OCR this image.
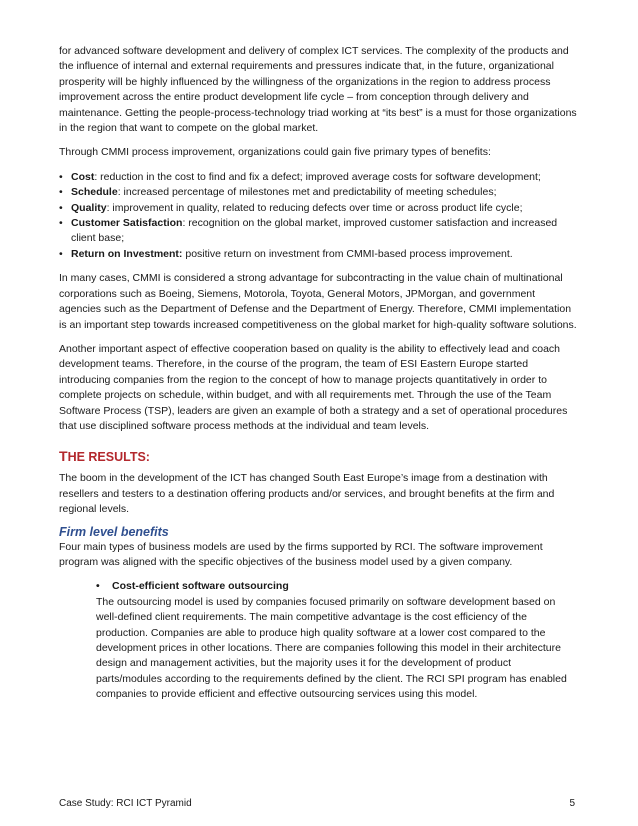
for advanced software development and delivery of complex ICT services. The complexity of the products and the influence of internal and external requirements and pressures indicate that, in the future, organizational prosperity will be highly influenced by the willingness of the organizations in the region to address process improvement across the entire product development life cycle – from conception through delivery and maintenance. Getting the people-process-technology triad working at “its best” is a must for those organizations in the region that want to compete on the global market.

Through CMMI process improvement, organizations could gain five primary types of benefits:

• Cost: reduction in the cost to find and fix a defect; improved average costs for software development;
• Schedule: increased percentage of milestones met and predictability of meeting schedules;
• Quality: improvement in quality, related to reducing defects over time or across product life cycle;
• Customer Satisfaction: recognition on the global market, improved customer satisfaction and increased client base;
• Return on Investment: positive return on investment from CMMI-based process improvement.

In many cases, CMMI is considered a strong advantage for subcontracting in the value chain of multinational corporations such as Boeing, Siemens, Motorola, Toyota, General Motors, JPMorgan, and government agencies such as the Department of Defense and the Department of Energy. Therefore, CMMI implementation is an important step towards increased competitiveness on the global market for high-quality software solutions.

Another important aspect of effective cooperation based on quality is the ability to effectively lead and coach development teams. Therefore, in the course of the program, the team of ESI Eastern Europe started introducing companies from the region to the concept of how to manage projects quantitatively in order to complete projects on schedule, within budget, and with all requirements met. Through the use of the Team Software Process (TSP), leaders are given an example of both a strategy and a set of operational procedures that use disciplined software process methods at the individual and team levels.

THE RESULTS:

The boom in the development of the ICT has changed South East Europe’s image from a destination with resellers and testers to a destination offering products and/or services, and brought benefits at the firm and regional levels.

Firm level benefits

Four main types of business models are used by the firms supported by RCI. The software improvement program was aligned with the specific objectives of the business model used by a given company.

• Cost-efficient software outsourcing

The outsourcing model is used by companies focused primarily on software development based on well-defined client requirements. The main competitive advantage is the cost efficiency of the production. Companies are able to produce high quality software at a lower cost compared to the development prices in other locations. There are companies following this model in their architecture design and management activities, but the majority uses it for the development of product parts/modules according to the requirements defined by the client. The RCI SPI program has enabled companies to provide efficient and effective outsourcing services using this model.

Case Study: RCI ICT Pyramid	5
